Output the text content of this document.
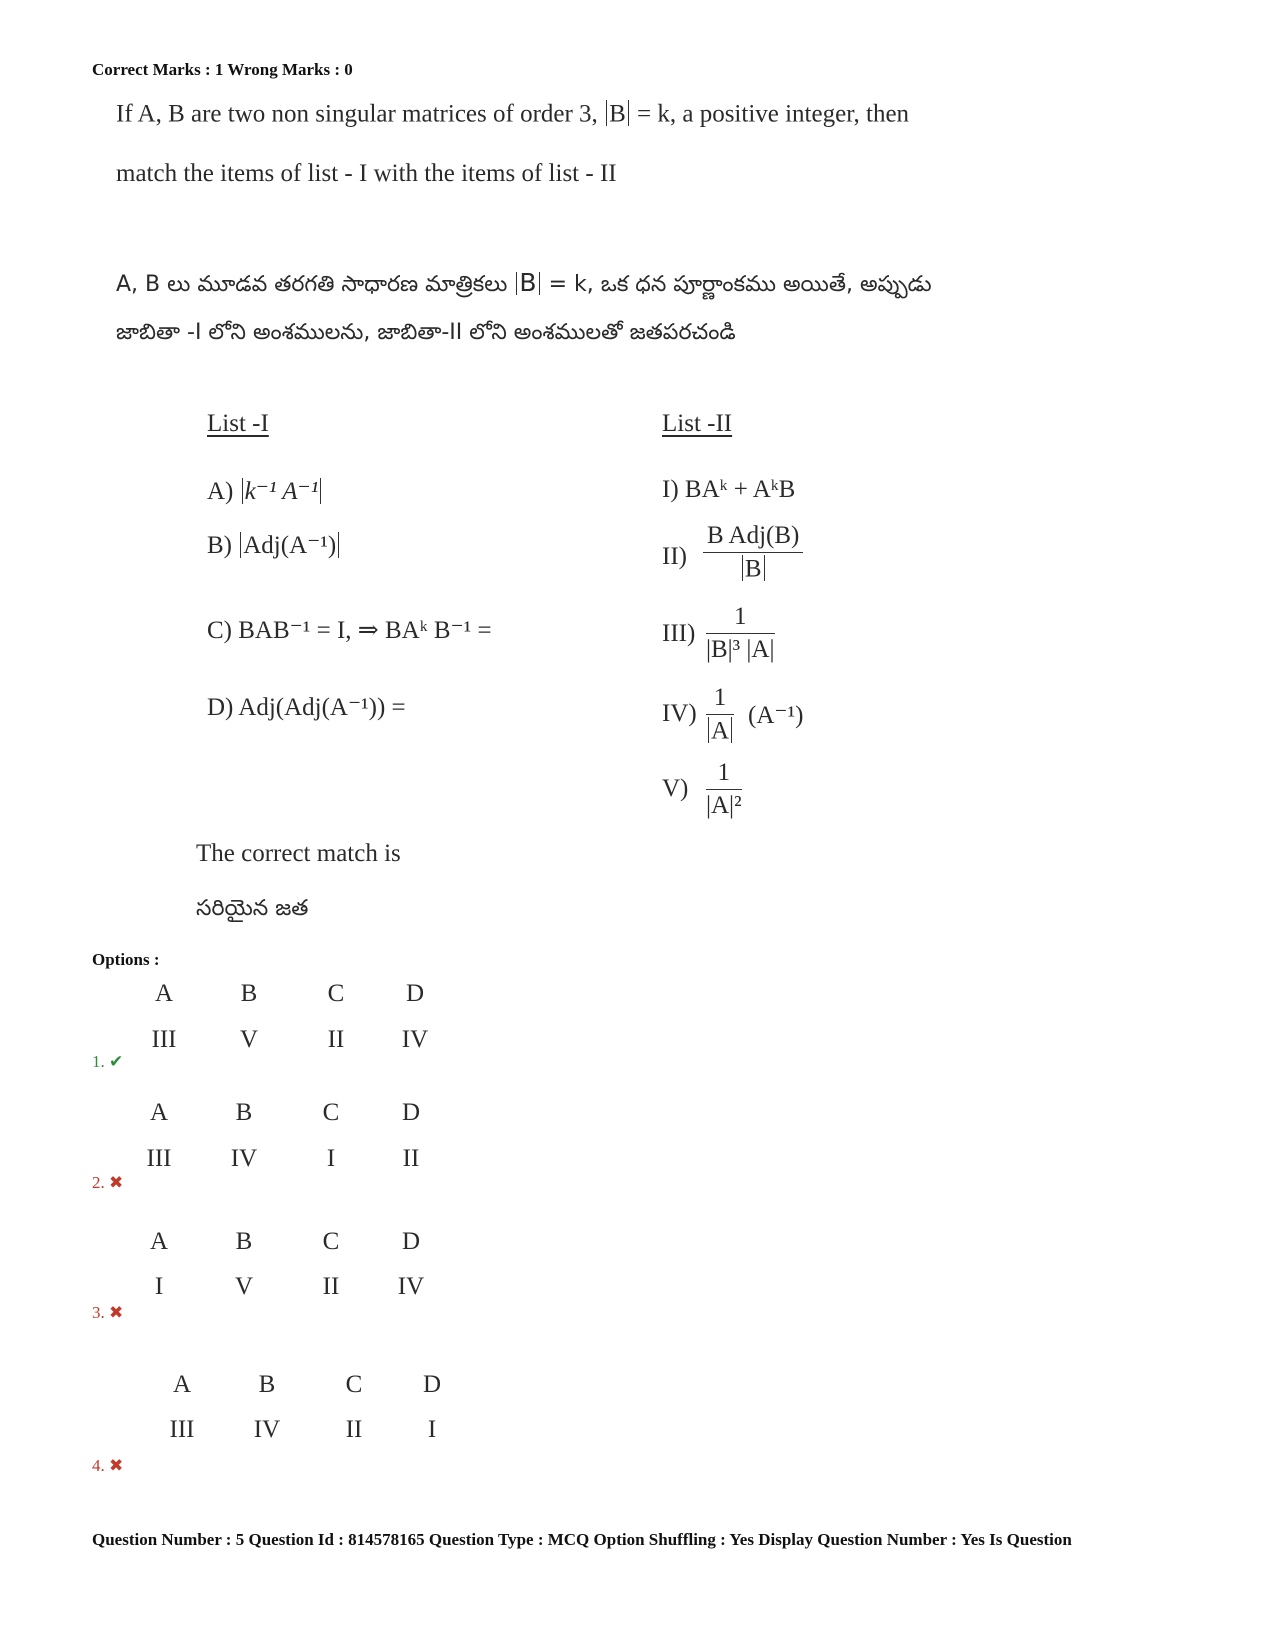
Correct Marks : 1 Wrong Marks : 0
If A, B are two non singular matrices of order 3, B = k, a positive integer, then
match the items of list - I with the items of list - II
A, B లు మూడవ తరగతి సాధారణ మాత్రికలు B = k, ఒక ధన పూర్ణాంకము అయితే, అప్పుడు
జాబితా -I లోని అంశములను, జాబితా-II లోని అంశములతో జతపరచండి
List -I	List -II
A) k⁻¹ A⁻¹
B) Adj(A⁻¹)
C) BAB⁻¹ = I, ⇒ BAᵏ B⁻¹ =
D) Adj(Adj(A⁻¹)) =
I) BAᵏ + AᵏB
II)
B Adj(B)
B
$III) \frac{1}{\text{|B|³ |A|}}$
$IV) \frac{1}{A} (A^{-1})$
$V) \frac{1}{\text{|A|²}}$
The correct match is
సరియైన జత
Options :
A	B	C	D
III	V	II	IV
1. ✔
A	B	C	D
III	IV	I	II
2. ✖
A	B	C	D
I	V	II	IV
3. ✖
A	B	C	D
III	IV	II	I
4. ✖
Question Number : 5 Question Id : 814578165 Question Type : MCQ Option Shuffling : Yes Display Question Number : Yes Is Question
